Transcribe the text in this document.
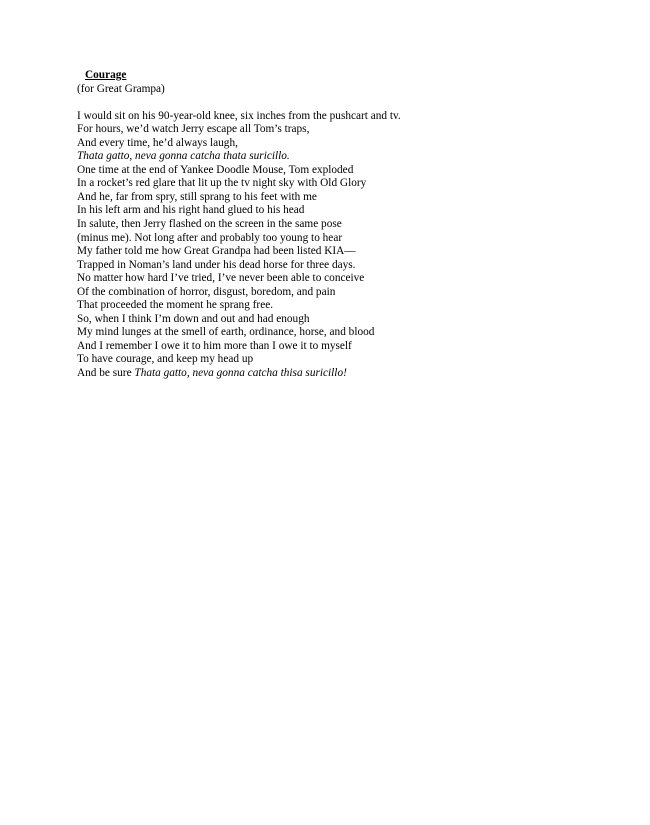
Courage
(for Great Grampa)
I would sit on his 90-year-old knee, six inches from the pushcart and tv.
For hours, we’d watch Jerry escape all Tom’s traps,
And every time, he’d always laugh,
Thata gatto, neva gonna catcha thata suricillo.
One time at the end of Yankee Doodle Mouse, Tom exploded
In a rocket’s red glare that lit up the tv night sky with Old Glory
And he, far from spry, still sprang to his feet with me
In his left arm and his right hand glued to his head
In salute, then Jerry flashed on the screen in the same pose
(minus me). Not long after and probably too young to hear
My father told me how Great Grandpa had been listed KIA—
Trapped in Noman’s land under his dead horse for three days.
No matter how hard I’ve tried, I’ve never been able to conceive
Of the combination of horror, disgust, boredom, and pain
That proceeded the moment he sprang free.
So, when I think I’m down and out and had enough
My mind lunges at the smell of earth, ordinance, horse, and blood
And I remember I owe it to him more than I owe it to myself
To have courage, and keep my head up
And be sure Thata gatto, neva gonna catcha thisa suricillo!
